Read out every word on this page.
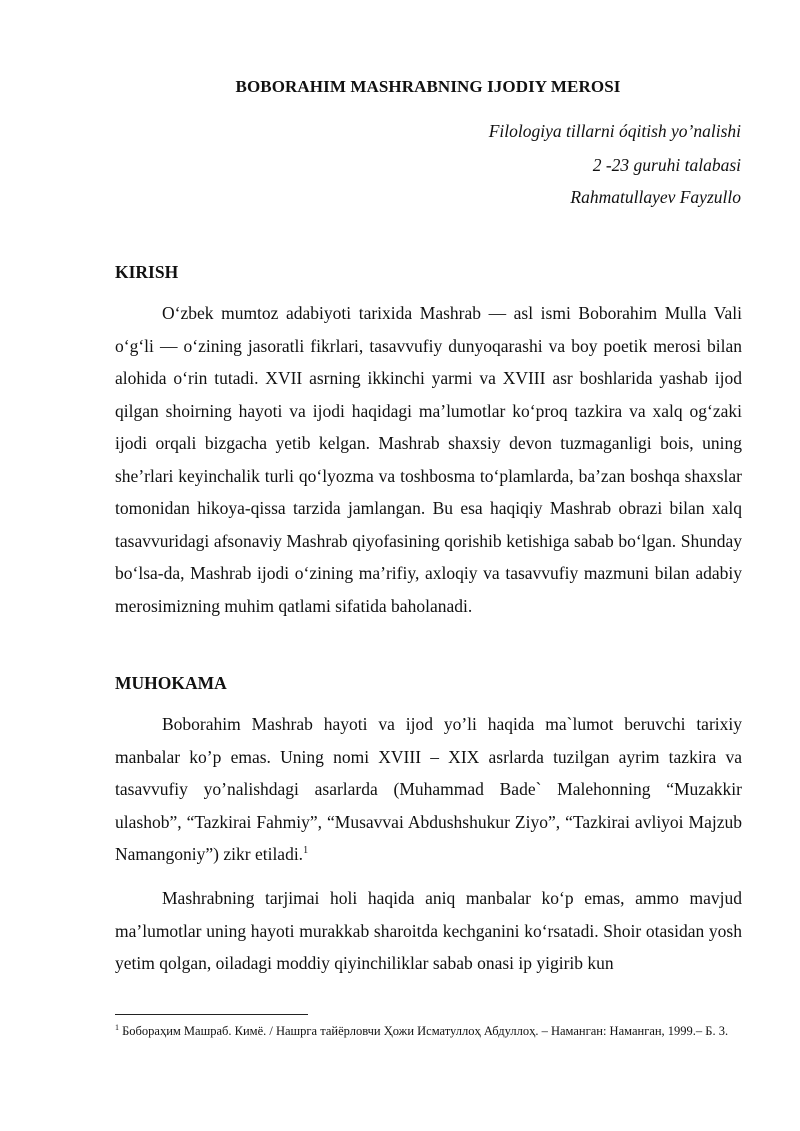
BOBORAHIM MASHRABNING IJODIY MEROSI
Filologiya tillarni óqitish yo’nalishi
2 -23 guruhi talabasi
Rahmatullayev Fayzullo
KIRISH

O‘zbek mumtoz adabiyoti tarixida Mashrab — asl ismi Boborahim Mulla Vali o‘g‘li — o‘zining jasoratli fikrlari, tasavvufiy dunyoqarashi va boy poetik merosi bilan alohida o‘rin tutadi. XVII asrning ikkinchi yarmi va XVIII asr boshlarida yashab ijod qilgan shoirning hayoti va ijodi haqidagi ma’lumotlar ko‘proq tazkira va xalq og‘zaki ijodi orqali bizgacha yetib kelgan. Mashrab shaxsiy devon tuzmaganligi bois, uning she’rlari keyinchalik turli qo‘lyozma va toshbosma to‘plamlarda, ba’zan boshqa shaxslar tomonidan hikoya-qissa tarzida jamlangan. Bu esa haqiqiy Mashrab obrazi bilan xalq tasavvuridagi afsonaviy Mashrab qiyofasining qorishib ketishiga sabab bo‘lgan. Shunday bo‘lsa-da, Mashrab ijodi o‘zining ma’rifiy, axloqiy va tasavvufiy mazmuni bilan adabiy merosimizning muhim qatlami sifatida baholanadi.

MUHOKAMA

Boborahim Mashrab hayoti va ijod yo’li haqida ma`lumot beruvchi tarixiy manbalar ko’p emas. Uning nomi XVIII – XIX asrlarda tuzilgan ayrim tazkira va tasavvufiy yo’nalishdagi asarlarda (Muhammad Bade` Malehonning “Muzakkir ulashob”, “Tazkirai Fahmiy”, “Musavvai Abdushshukur Ziyo”, “Tazkirai avliyoi Majzub Namangoniy”) zikr etiladi.$^1$

Mashrabning tarjimai holi haqida aniq manbalar ko‘p emas, ammo mavjud ma’lumotlar uning hayoti murakkab sharoitda kechganini ko‘rsatadi. Shoir otasidan yosh yetim qolgan, oiladagi moddiy qiyinchiliklar sabab onasi ip yigirib kun

$^1$ Бобораҳим Машраб. Кимё. / Нашрга тайёрловчи Ҳожи Исматуллоҳ Абдуллоҳ. – Наманган: Наманган, 1999.– Б. 3.
